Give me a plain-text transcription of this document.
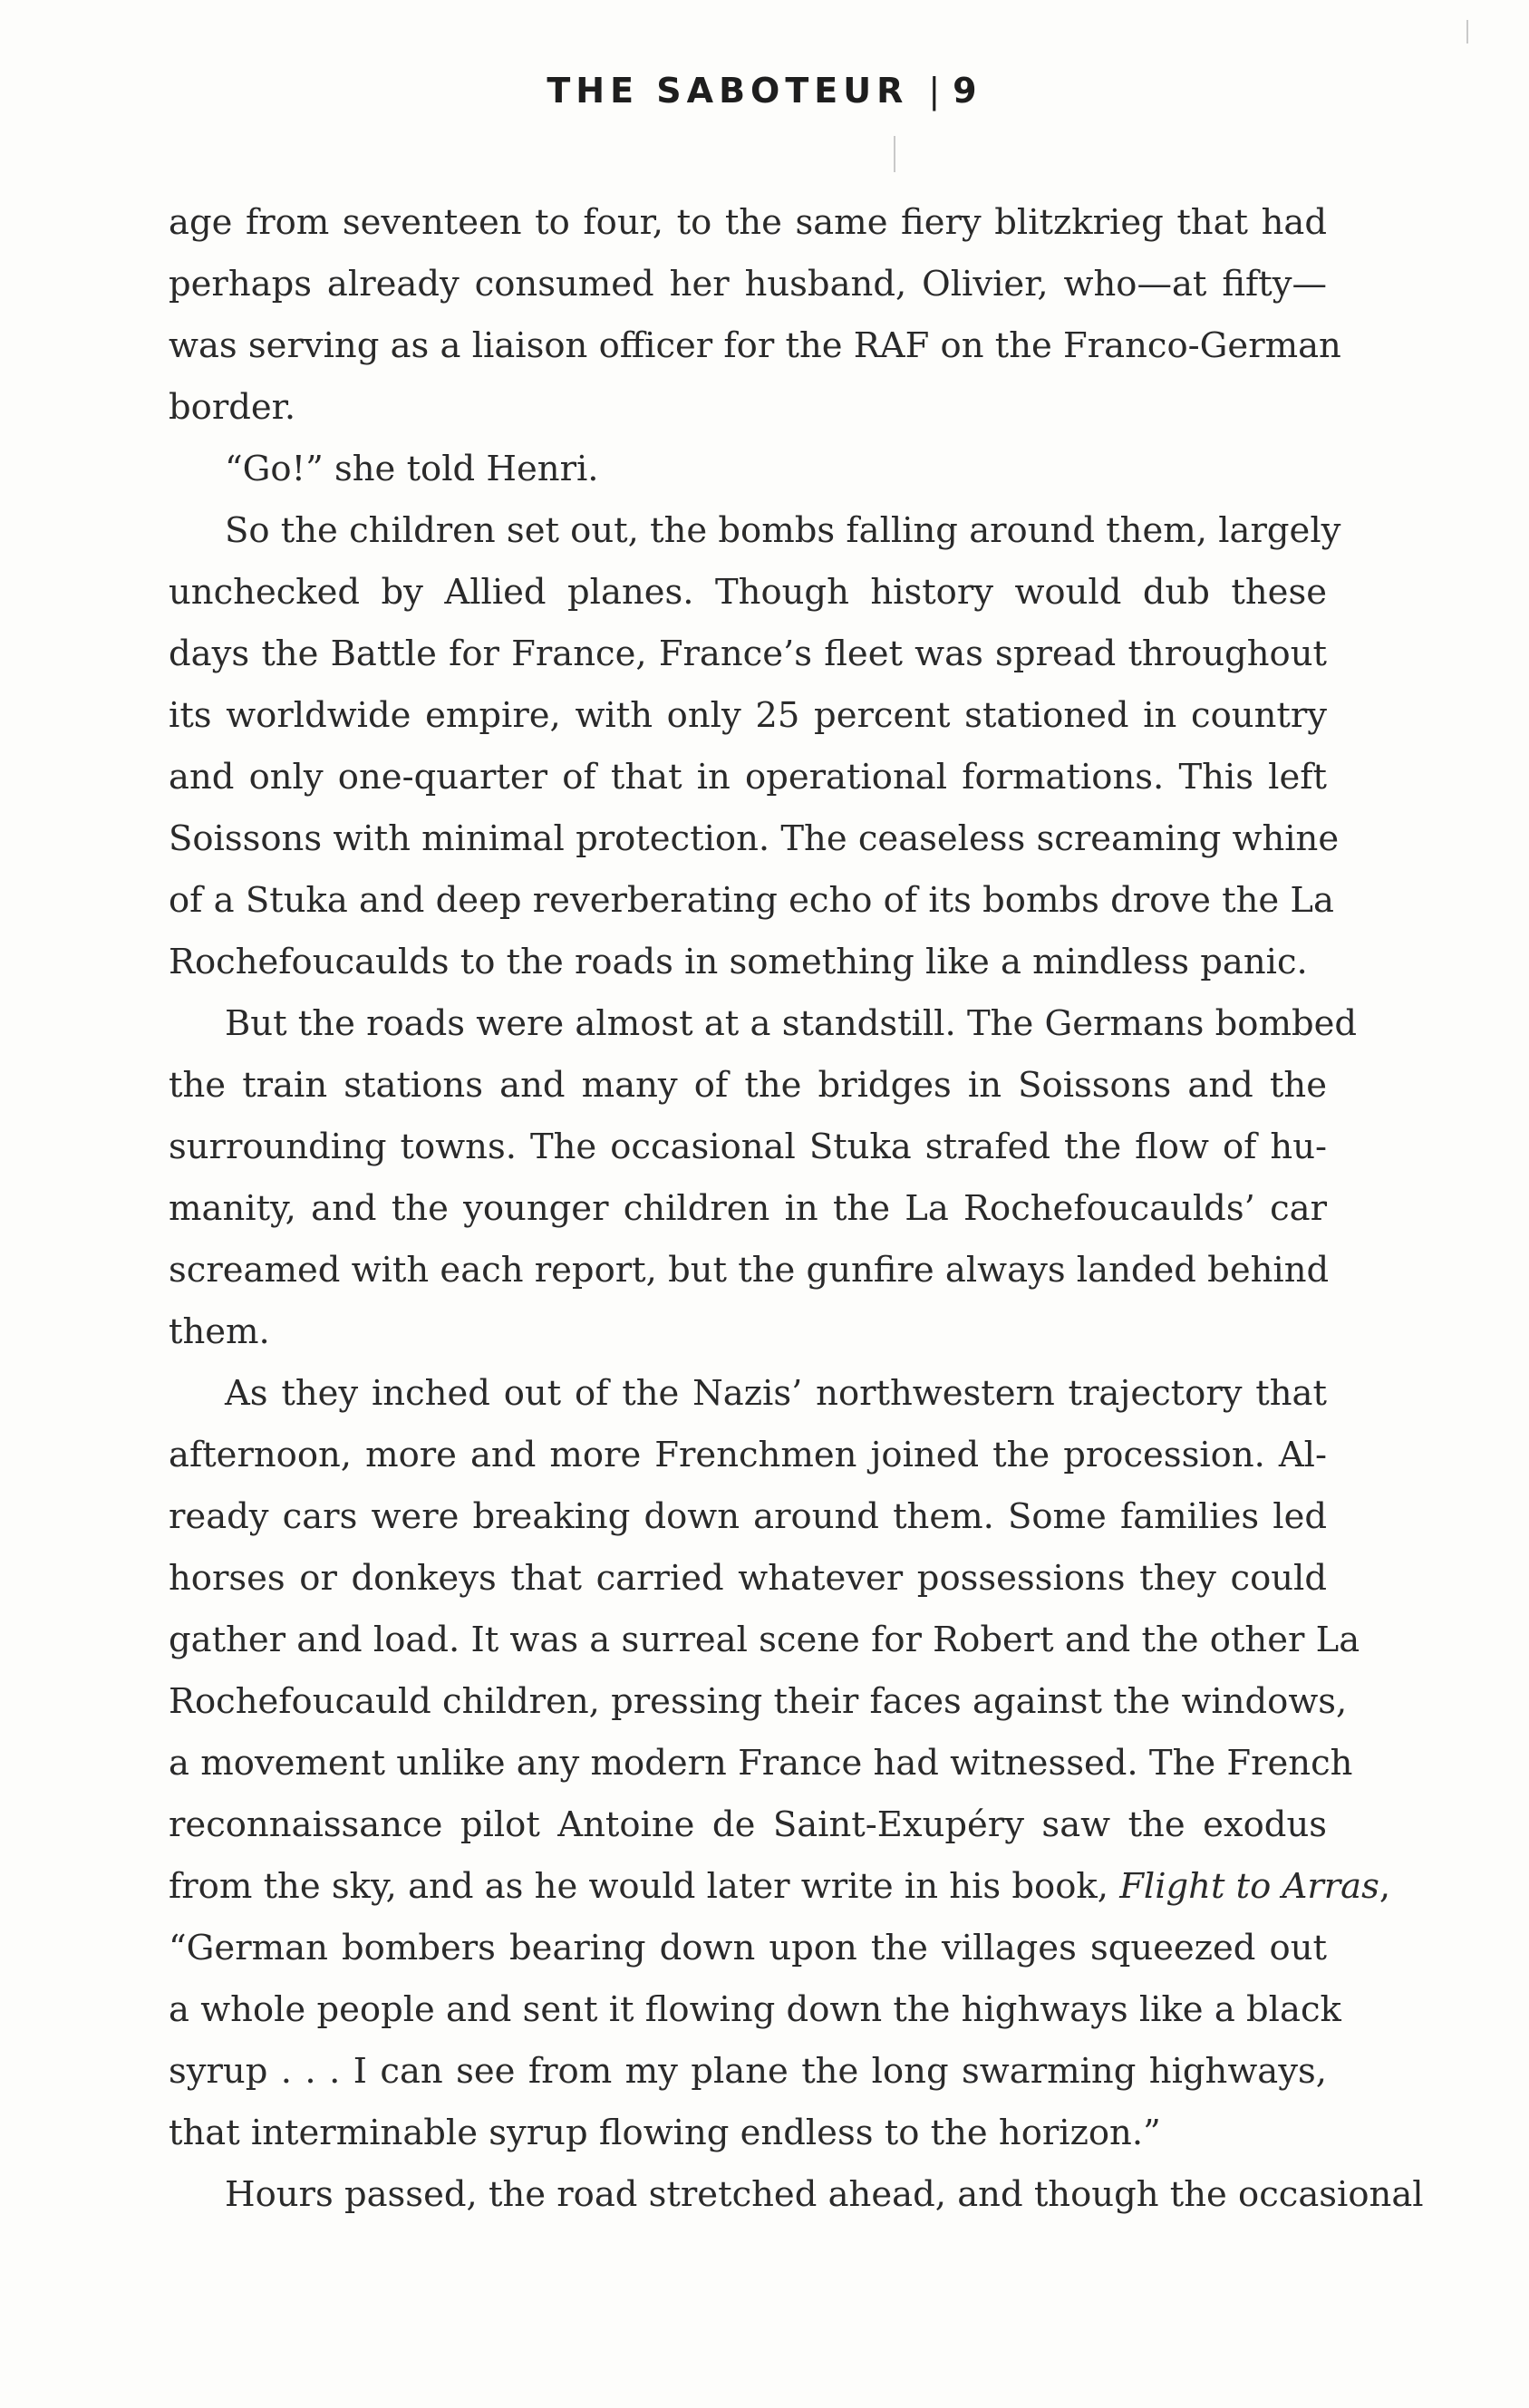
THE SABOTEUR | 9
age from seventeen to four, to the same fiery blitzkrieg that had
perhaps already consumed her husband, Olivier, who—at fifty—
was serving as a liaison officer for the RAF on the Franco-German
border.
“Go!” she told Henri.
So the children set out, the bombs falling around them, largely
unchecked by Allied planes. Though history would dub these
days the Battle for France, France’s fleet was spread throughout
its worldwide empire, with only 25 percent stationed in country
and only one-quarter of that in operational formations. This left
Soissons with minimal protection. The ceaseless screaming whine
of a Stuka and deep reverberating echo of its bombs drove the La
Rochefoucaulds to the roads in something like a mindless panic.
But the roads were almost at a standstill. The Germans bombed
the train stations and many of the bridges in Soissons and the
surrounding towns. The occasional Stuka strafed the flow of hu-
manity, and the younger children in the La Rochefoucaulds’ car
screamed with each report, but the gunfire always landed behind
them.
As they inched out of the Nazis’ northwestern trajectory that
afternoon, more and more Frenchmen joined the procession. Al-
ready cars were breaking down around them. Some families led
horses or donkeys that carried whatever possessions they could
gather and load. It was a surreal scene for Robert and the other La
Rochefoucauld children, pressing their faces against the windows,
a movement unlike any modern France had witnessed. The French
reconnaissance pilot Antoine de Saint-Exupéry saw the exodus
from the sky, and as he would later write in his book, Flight to Arras,
“German bombers bearing down upon the villages squeezed out
a whole people and sent it flowing down the highways like a black
syrup . . . I can see from my plane the long swarming highways,
that interminable syrup flowing endless to the horizon.”
Hours passed, the road stretched ahead, and though the occasional
